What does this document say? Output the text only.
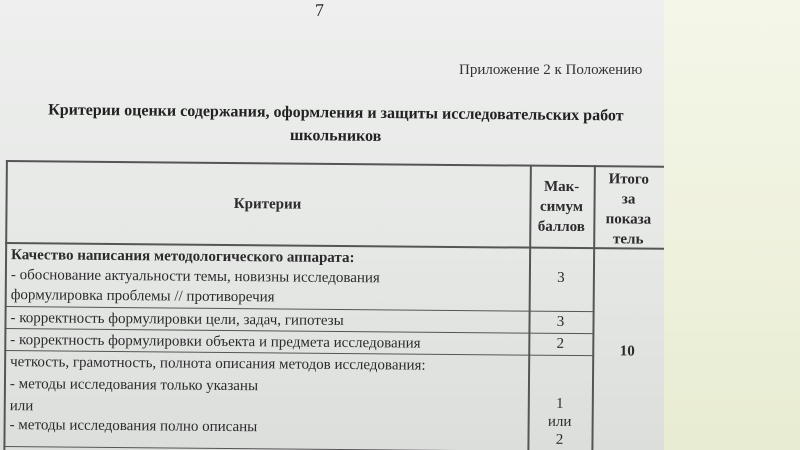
7

Приложение 2 к Положению

Критерии оценки содержания, оформления и защиты исследовательских работ
школьников
Критерии
Мак-
симум
баллов
Итого
за
показа
тель
Качество написания методологического аппарата:
- обоснование актуальности темы, новизны исследования
формулировка проблемы // противоречия
3
- корректность формулировки цели, задач, гипотезы	3
- корректность формулировки объекта и предмета исследования	2
четкость, грамотность, полнота описания методов исследования:
- методы исследования только указаны
или
- методы исследования полно описаны
1
или
2
10
